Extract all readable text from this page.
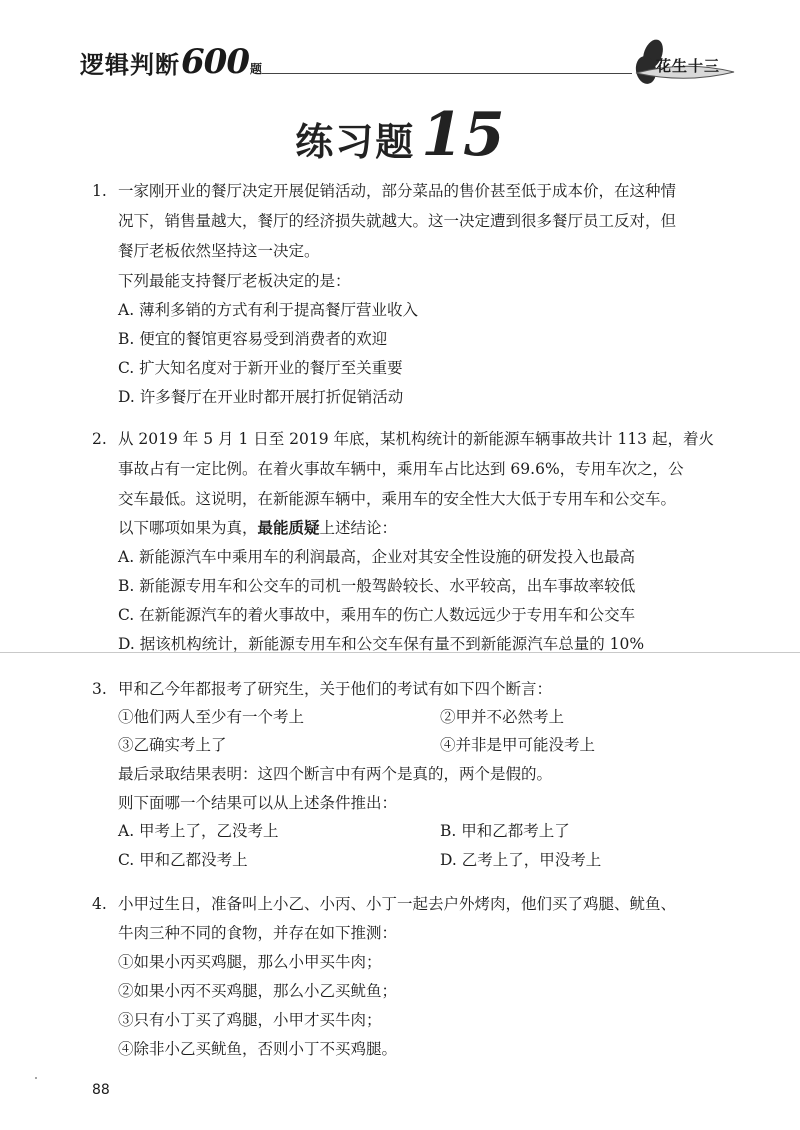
逻辑判断600题	花生十三
练习题 15
1. 一家刚开业的餐厅决定开展促销活动，部分菜品的售价甚至低于成本价，在这种情
况下，销售量越大，餐厅的经济损失就越大。这一决定遭到很多餐厅员工反对，但
餐厅老板依然坚持这一决定。
下列最能支持餐厅老板决定的是：
A. 薄利多销的方式有利于提高餐厅营业收入
B. 便宜的餐馆更容易受到消费者的欢迎
C. 扩大知名度对于新开业的餐厅至关重要
D. 许多餐厅在开业时都开展打折促销活动
2. 从 2019 年 5 月 1 日至 2019 年底，某机构统计的新能源车辆事故共计 113 起，着火
事故占有一定比例。在着火事故车辆中，乘用车占比达到 69.6%，专用车次之，公
交车最低。这说明，在新能源车辆中，乘用车的安全性大大低于专用车和公交车。
以下哪项如果为真，最能质疑上述结论：
A. 新能源汽车中乘用车的利润最高，企业对其安全性设施的研发投入也最高
B. 新能源专用车和公交车的司机一般驾龄较长、水平较高，出车事故率较低
C. 在新能源汽车的着火事故中，乘用车的伤亡人数远远少于专用车和公交车
D. 据该机构统计，新能源专用车和公交车保有量不到新能源汽车总量的 10%
3. 甲和乙今年都报考了研究生，关于他们的考试有如下四个断言：
①他们两人至少有一个考上	②甲并不必然考上
③乙确实考上了	④并非是甲可能没考上
最后录取结果表明：这四个断言中有两个是真的，两个是假的。
则下面哪一个结果可以从上述条件推出：
A. 甲考上了，乙没考上	B. 甲和乙都考上了
C. 甲和乙都没考上	D. 乙考上了，甲没考上
4. 小甲过生日，准备叫上小乙、小丙、小丁一起去户外烤肉，他们买了鸡腿、鱿鱼、
牛肉三种不同的食物，并存在如下推测：
①如果小丙买鸡腿，那么小甲买牛肉；
②如果小丙不买鸡腿，那么小乙买鱿鱼；
③只有小丁买了鸡腿，小甲才买牛肉；
④除非小乙买鱿鱼，否则小丁不买鸡腿。
88
